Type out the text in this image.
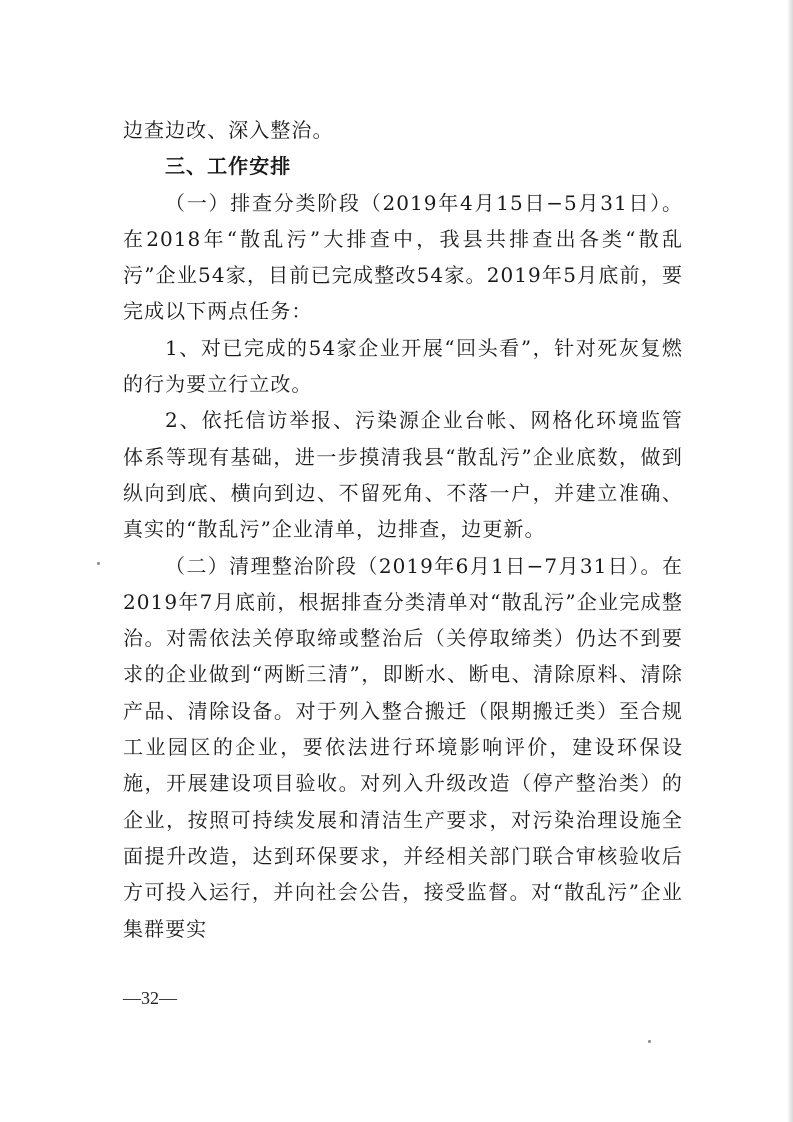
边查边改、深入整治。

三、工作安排

（一）排查分类阶段（2019年4月15日−5月31日）。在2018年“散乱污”大排查中，我县共排查出各类“散乱污”企业54家，目前已完成整改54家。2019年5月底前，要完成以下两点任务：

1、对已完成的54家企业开展“回头看”，针对死灰复燃的行为要立行立改。

2、依托信访举报、污染源企业台帐、网格化环境监管体系等现有基础，进一步摸清我县“散乱污”企业底数，做到纵向到底、横向到边、不留死角、不落一户，并建立准确、真实的“散乱污”企业清单，边排查，边更新。

（二）清理整治阶段（2019年6月1日−7月31日）。在2019年7月底前，根据排查分类清单对“散乱污”企业完成整治。对需依法关停取缔或整治后（关停取缔类）仍达不到要求的企业做到“两断三清”，即断水、断电、清除原料、清除产品、清除设备。对于列入整合搬迁（限期搬迁类）至合规工业园区的企业，要依法进行环境影响评价，建设环保设施，开展建设项目验收。对列入升级改造（停产整治类）的企业，按照可持续发展和清洁生产要求，对污染治理设施全面提升改造，达到环保要求，并经相关部门联合审核验收后方可投入运行，并向社会公告，接受监督。对“散乱污”企业集群要实

—32—
